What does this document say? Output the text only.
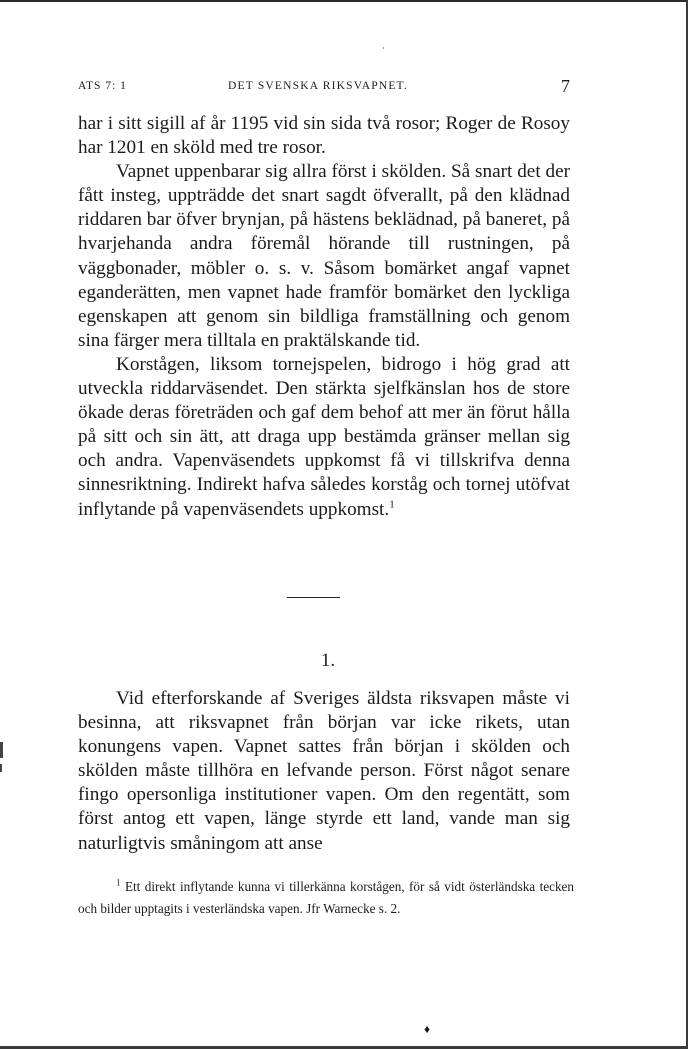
ATS 7: 1	DET SVENSKA RIKSVAPNET.	7

har i sitt sigill af år 1195 vid sin sida två rosor; Roger de Rosoy har 1201 en sköld med tre rosor.

Vapnet uppenbarar sig allra först i skölden. Så snart det der fått insteg, uppträdde det snart sagdt öfverallt, på den klädnad riddaren bar öfver brynjan, på hästens beklädnad, på baneret, på hvarjehanda andra föremål hörande till rustningen, på väggbonader, möbler o. s. v. Såsom bomärket angaf vapnet eganderätten, men vapnet hade framför bomärket den lyckliga egenskapen att genom sin bildliga framställning och genom sina färger mera tilltala en praktälskande tid.

Korstågen, liksom tornejspelen, bidrogo i hög grad att utveckla riddarväsendet. Den stärkta sjelfkänslan hos de store ökade deras företräden och gaf dem behof att mer än förut hålla på sitt och sin ätt, att draga upp bestämda gränser mellan sig och andra. Vapenväsendets uppkomst få vi tillskrifva denna sinnesriktning. Indirekt hafva således korståg och tornej utöfvat inflytande på vapenväsendets uppkomst.$^1$

1.

Vid efterforskande af Sveriges äldsta riksvapen måste vi besinna, att riksvapnet från början var icke rikets, utan konungens vapen. Vapnet sattes från början i skölden och skölden måste tillhöra en lefvande person. Först något senare fingo opersonliga institutioner vapen. Om den regentätt, som först antog ett vapen, länge styrde ett land, vande man sig naturligtvis småningom att anse

$^1$ Ett direkt inflytande kunna vi tillerkänna korstågen, för så vidt österländska tecken och bilder upptagits i vesterländska vapen. Jfr Warnecke s. 2.
♦
